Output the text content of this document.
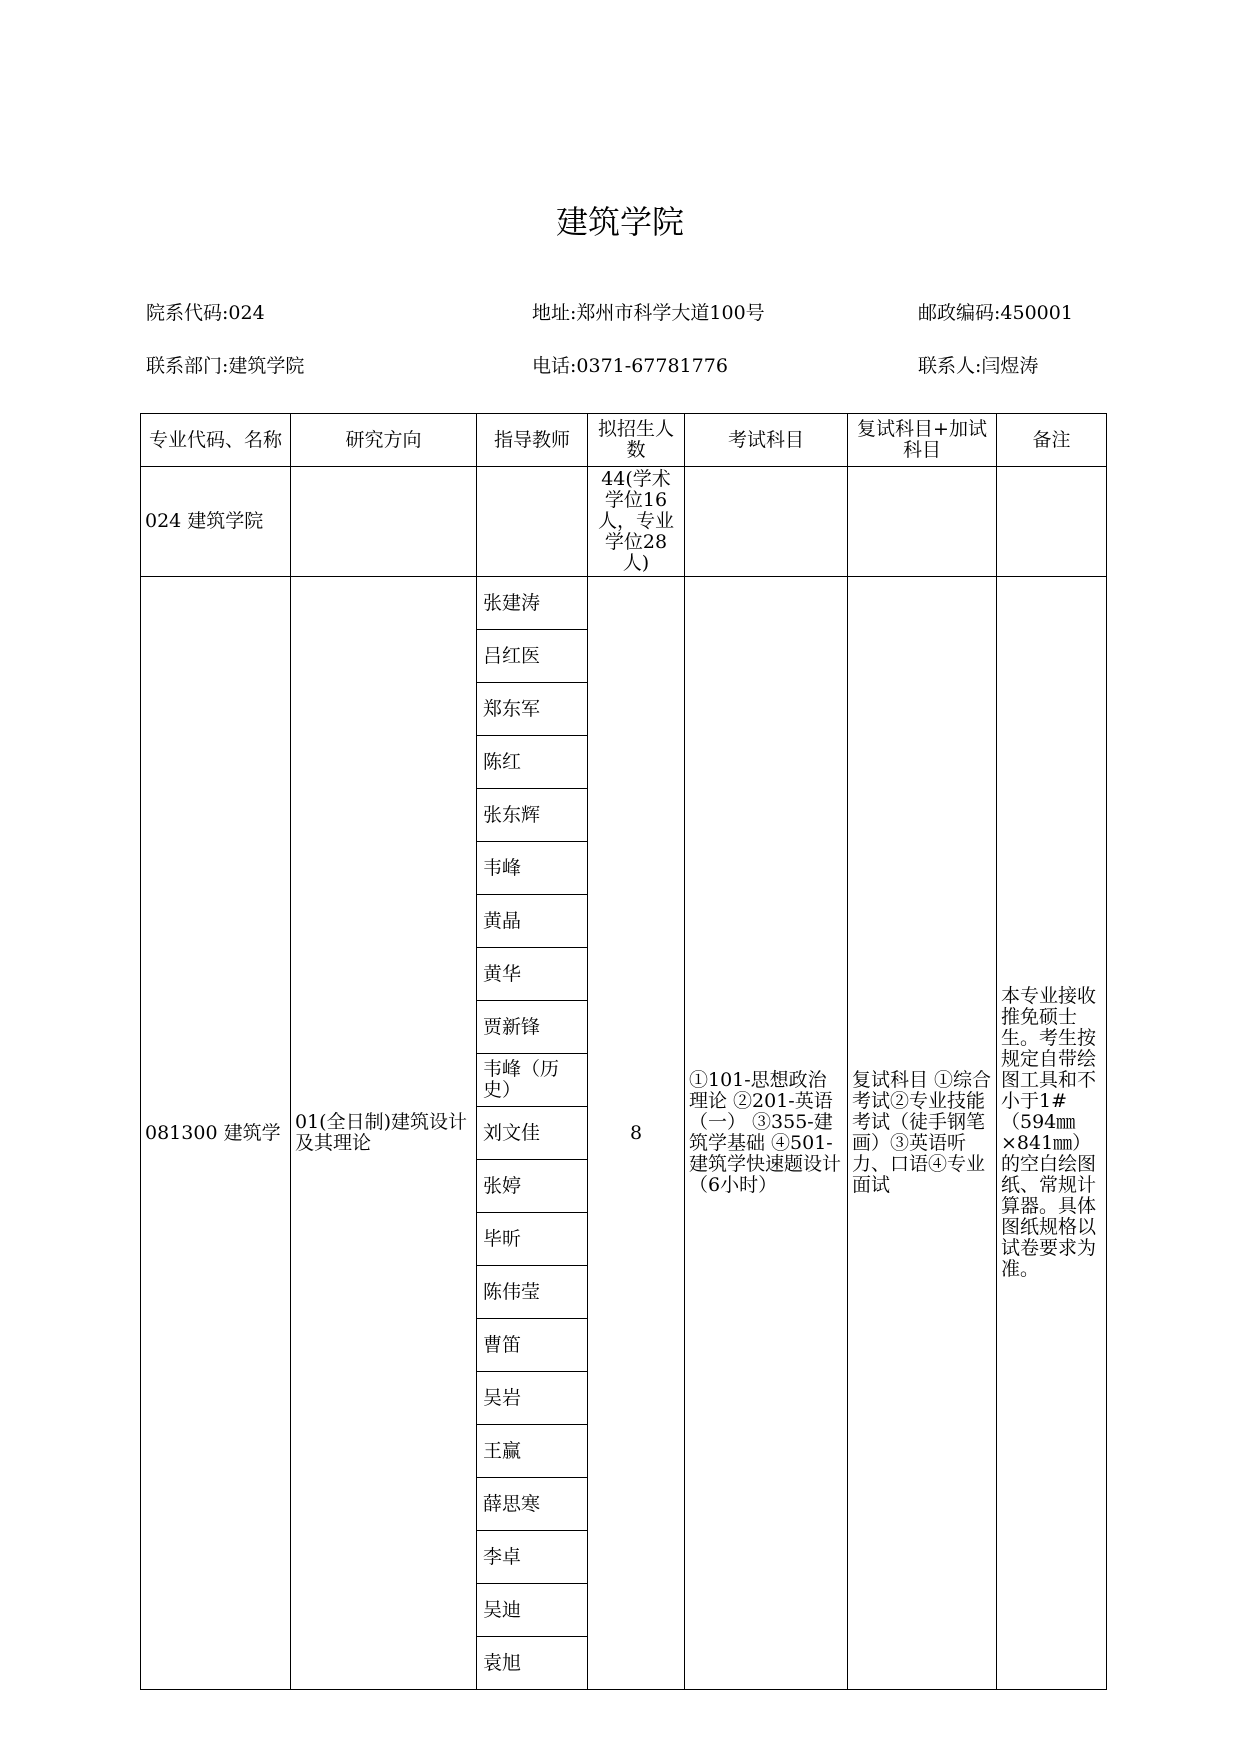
建筑学院
院系代码 : 024	地址 : 郑州市科学大道100号	邮政编码 : 450001
联系部门 : 建筑学院	电话 : 0371-67781776	联系人 : 闫煜涛
专业代码、名称	研究方向	指导教师	拟招生人数	考试科目	复试科目+加试科目	备注
024 建筑学院			44(学术学位16人，专业学位28人)			
081300 建筑学	01(全日制)建筑设计及其理论	张建涛	8	①101-思想政治理论 ②201-英语（一） ③355-建筑学基础 ④501-建筑学快速题设计（6小时）	复试科目 ①综合考试②专业技能考试（徒手钢笔画）③英语听力、口语④专业面试	本专业接收推免硕士生。考生按规定自带绘图工具和不小于1#（594㎜×841㎜）的空白绘图纸、常规计算器。具体图纸规格以试卷要求为准。
		吕红医				
		郑东军				
		陈红				
		张东辉				
		韦峰				
		黄晶				
		黄华				
		贾新锋				
		韦峰（历史）				
		刘文佳				
		张婷				
		毕昕				
		陈伟莹				
		曹笛				
		吴岩				
		王赢				
		薛思寒				
		李卓				
		吴迪				
		袁旭				
